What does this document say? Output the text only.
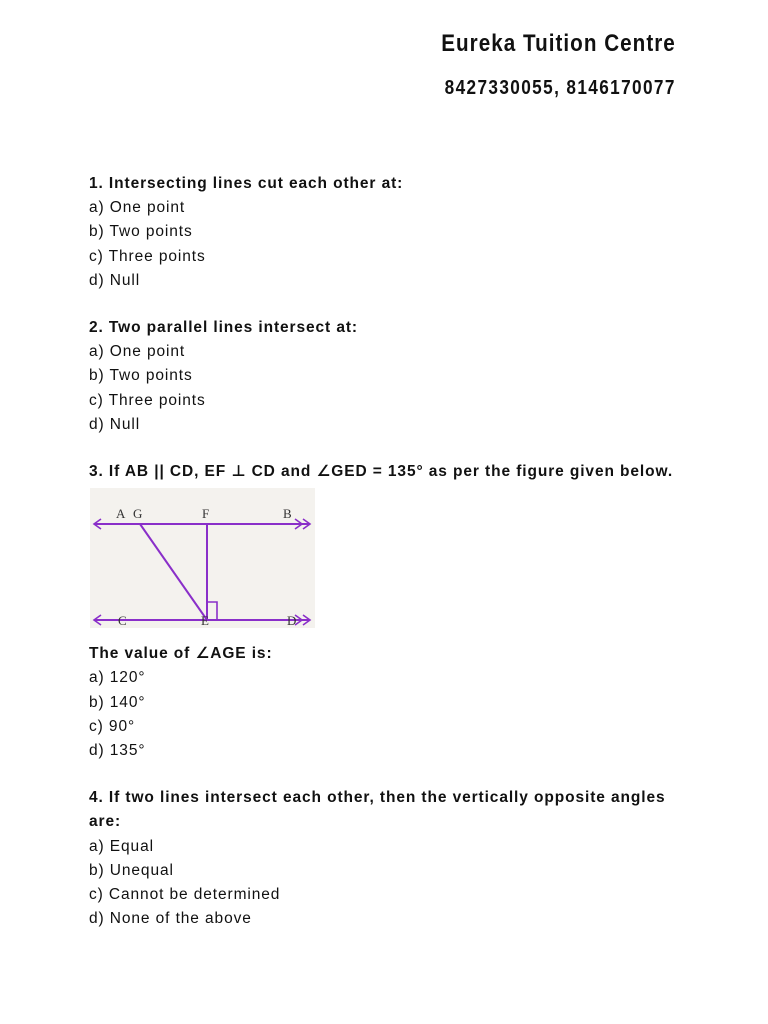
Eureka Tuition Centre
8427330055, 8146170077
1. Intersecting lines cut each other at:
a) One point
b) Two points
c) Three points
d) Null
2. Two parallel lines intersect at:
a) One point
b) Two points
c) Three points
d) Null
3. If AB || CD, EF ⊥ CD and ∠GED = 135° as per the figure given below.
A G	F	B
C	E	D
The value of ∠AGE is:
a) 120°
b) 140°
c) 90°
d) 135°
4. If two lines intersect each other, then the vertically opposite angles
are:
a) Equal
b) Unequal
c) Cannot be determined
d) None of the above
